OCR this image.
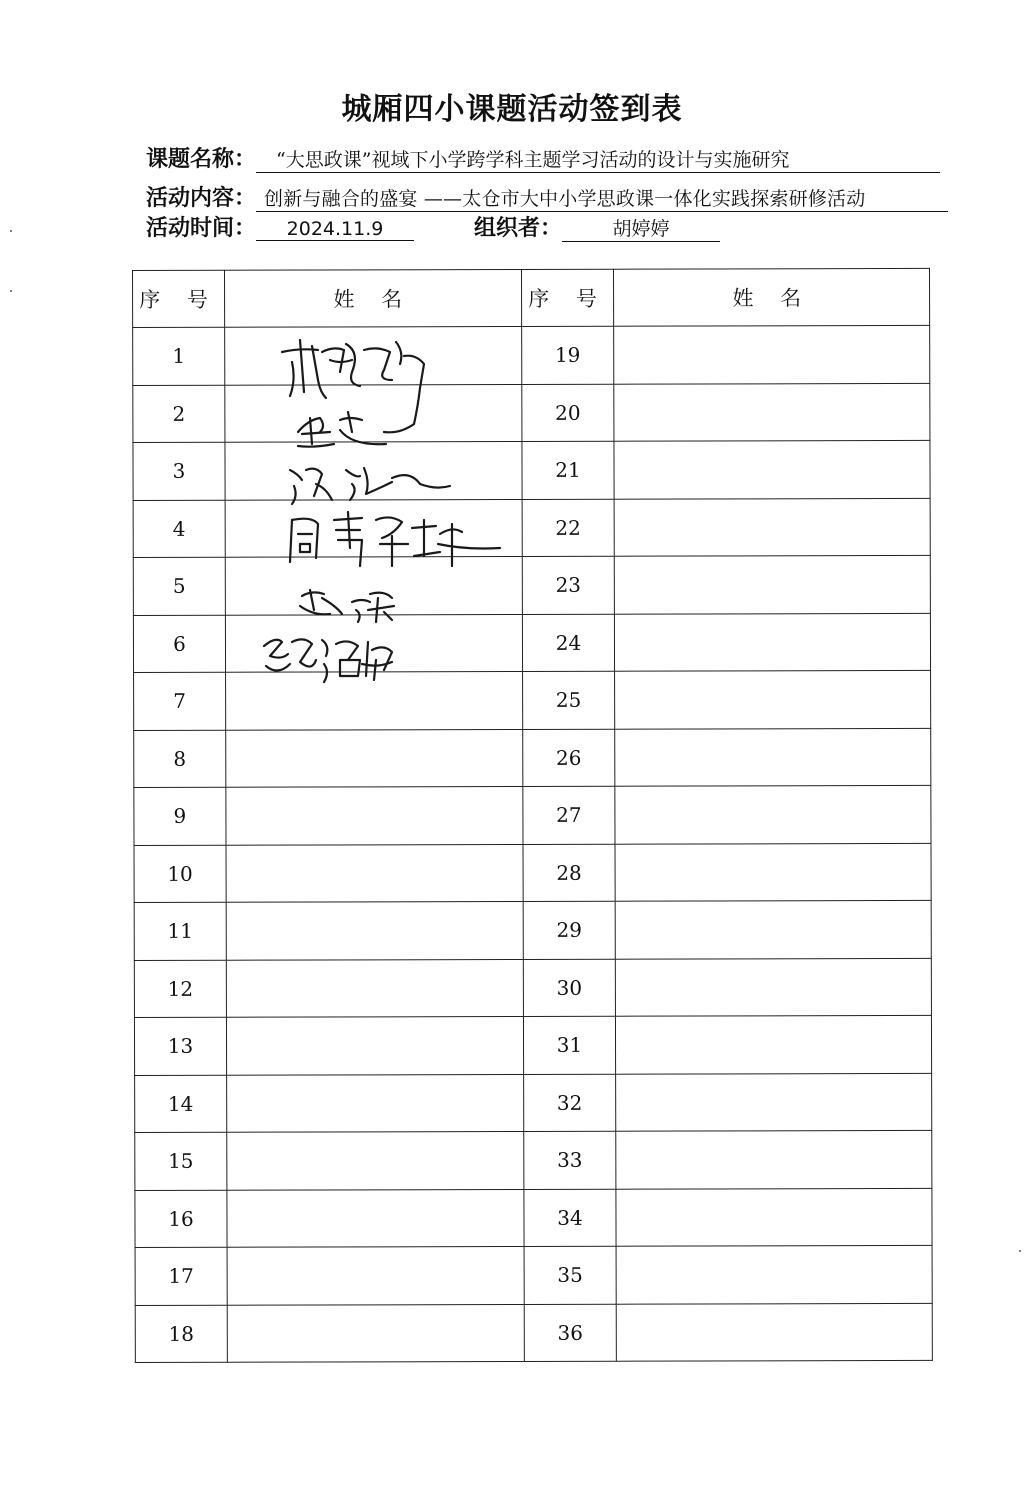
城厢四小课题活动签到表
课题名称： “大思政课”视域下小学跨学科主题学习活动的设计与实施研究
活动内容： 创新与融合的盛宴 ——太仓市大中小学思政课一体化实践探索研修活动
活动时间： 2024.11.9	组织者：	胡婷婷
序 号	姓 名	序 号	姓 名
1		19	
2		20	
3		21	
4		22	
5		23	
6		24	
7		25	
8		26	
9		27	
10		28	
11		29	
12		30	
13		31	
14		32	
15		33	
16		34	
17		35	
18		36	
